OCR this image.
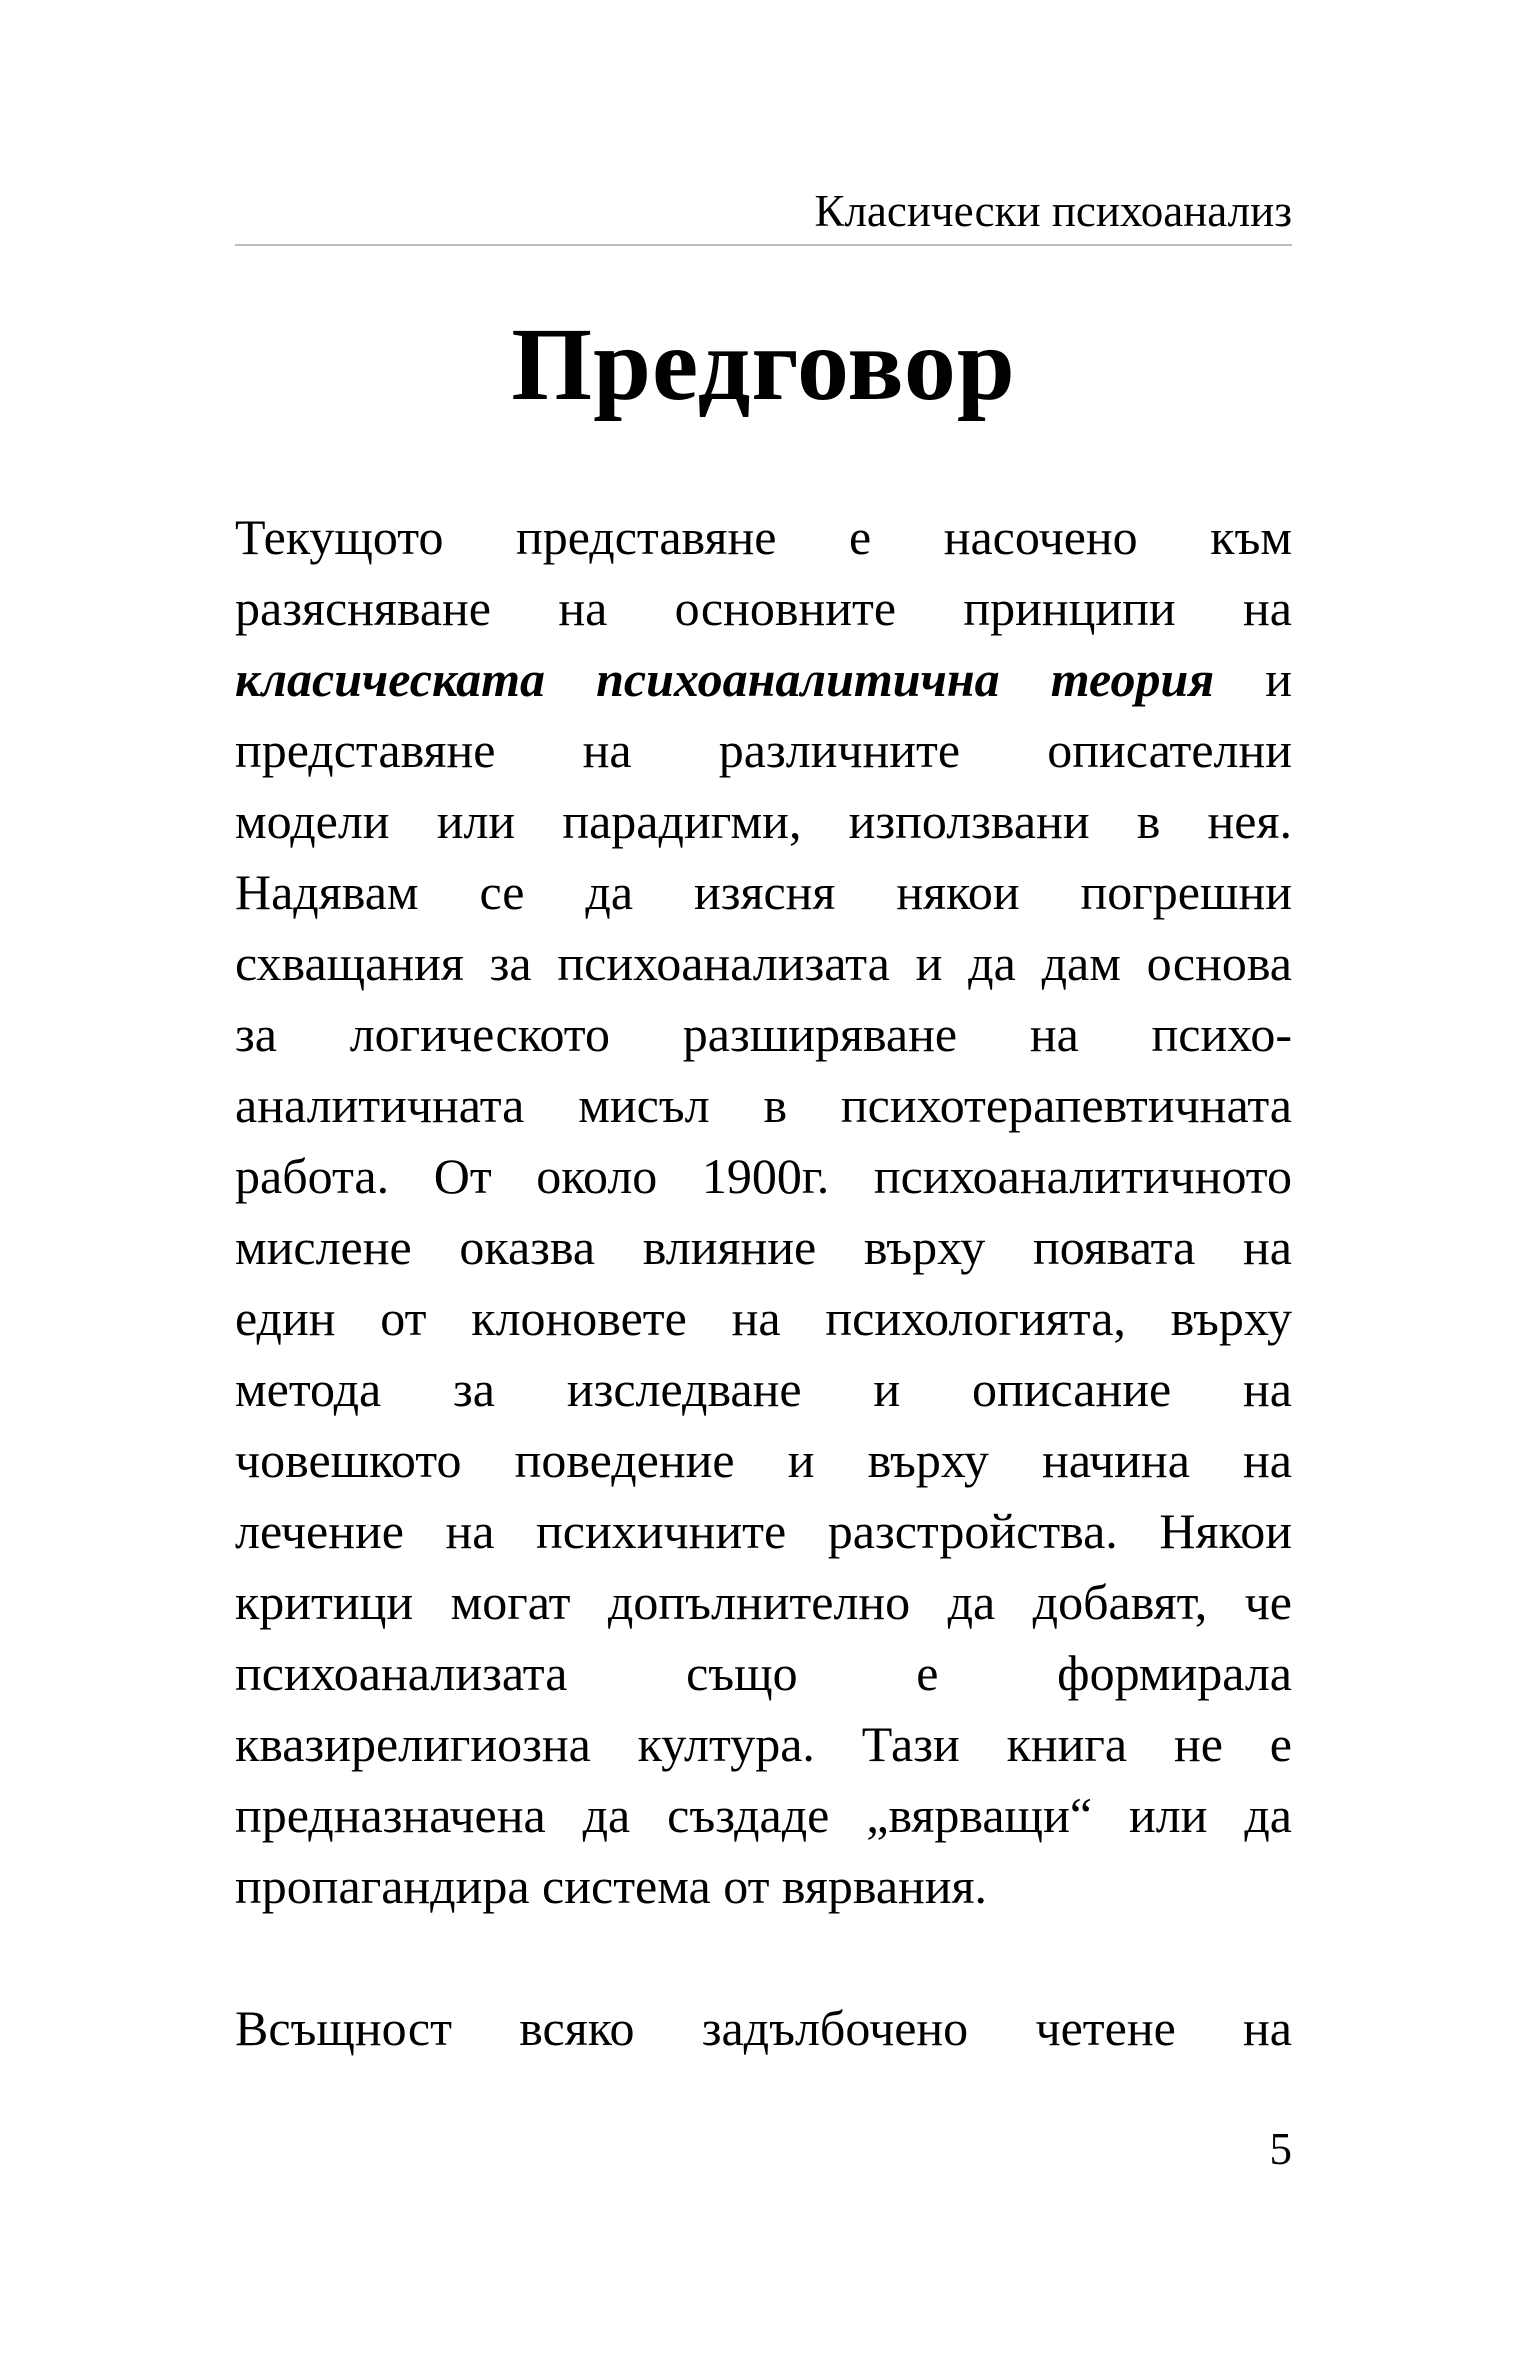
Класически психоанализ
Предговор
Текущото представяне е насочено към
разясняване на основните принципи на
класическата психоаналитична теория и
представяне на различните описателни
модели или парадигми, използвани в нея.
Надявам се да изясня някои погрешни
схващания за психоанализата и да дам основа
за логическото разширяване на психо-
аналитичната мисъл в психотерапевтичната
работа. От около 1900г. психоаналитичното
мислене оказва влияние върху появата на
един от клоновете на психологията, върху
метода за изследване и описание на
човешкото поведение и върху начина на
лечение на психичните разстройства. Някои
критици могат допълнително да добавят, че
психоанализата също е формирала
квазирелигиозна култура. Тази книга не е
предназначена да създаде „вярващи“ или да
пропагандира система от вярвания.
Всъщност всяко задълбочено четене на
5
